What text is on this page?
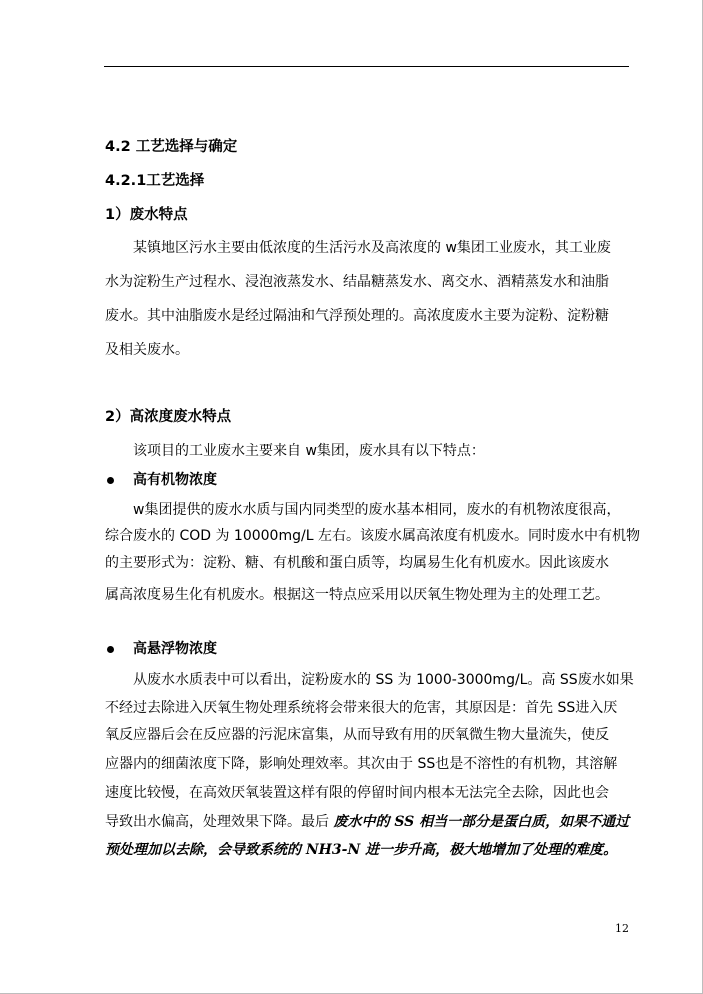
4.2 工艺选择与确定
4.2.1工艺选择
1）废水特点
某镇地区污水主要由低浓度的生活污水及高浓度的 w集团工业废水，其工业废
水为淀粉生产过程水、浸泡液蒸发水、结晶糖蒸发水、离交水、酒精蒸发水和油脂
废水。其中油脂废水是经过隔油和气浮预处理的。高浓度废水主要为淀粉、淀粉糖
及相关废水。
2）高浓度废水特点
该项目的工业废水主要来自 w集团，废水具有以下特点：
高有机物浓度
w集团提供的废水水质与国内同类型的废水基本相同，废水的有机物浓度很高，
综合废水的 COD 为 10000mg/L 左右。该废水属高浓度有机废水。同时废水中有机物
的主要形式为：淀粉、糖、有机酸和蛋白质等，均属易生化有机废水。因此该废水
属高浓度易生化有机废水。根据这一特点应采用以厌氧生物处理为主的处理工艺。
高悬浮物浓度
从废水水质表中可以看出，淀粉废水的 SS 为 1000-3000mg/L。高 SS废水如果
不经过去除进入厌氧生物处理系统将会带来很大的危害，其原因是：首先 SS进入厌
氧反应器后会在反应器的污泥床富集，从而导致有用的厌氧微生物大量流失，使反
应器内的细菌浓度下降，影响处理效率。其次由于 SS也是不溶性的有机物，其溶解
速度比较慢，在高效厌氧装置这样有限的停留时间内根本无法完全去除，因此也会
导致出水偏高，处理效果下降。最后 废水中的 SS 相当一部分是蛋白质，如果不通过
预处理加以去除，会导致系统的 NH3-N 进一步升高，极大地增加了处理的难度。
12
